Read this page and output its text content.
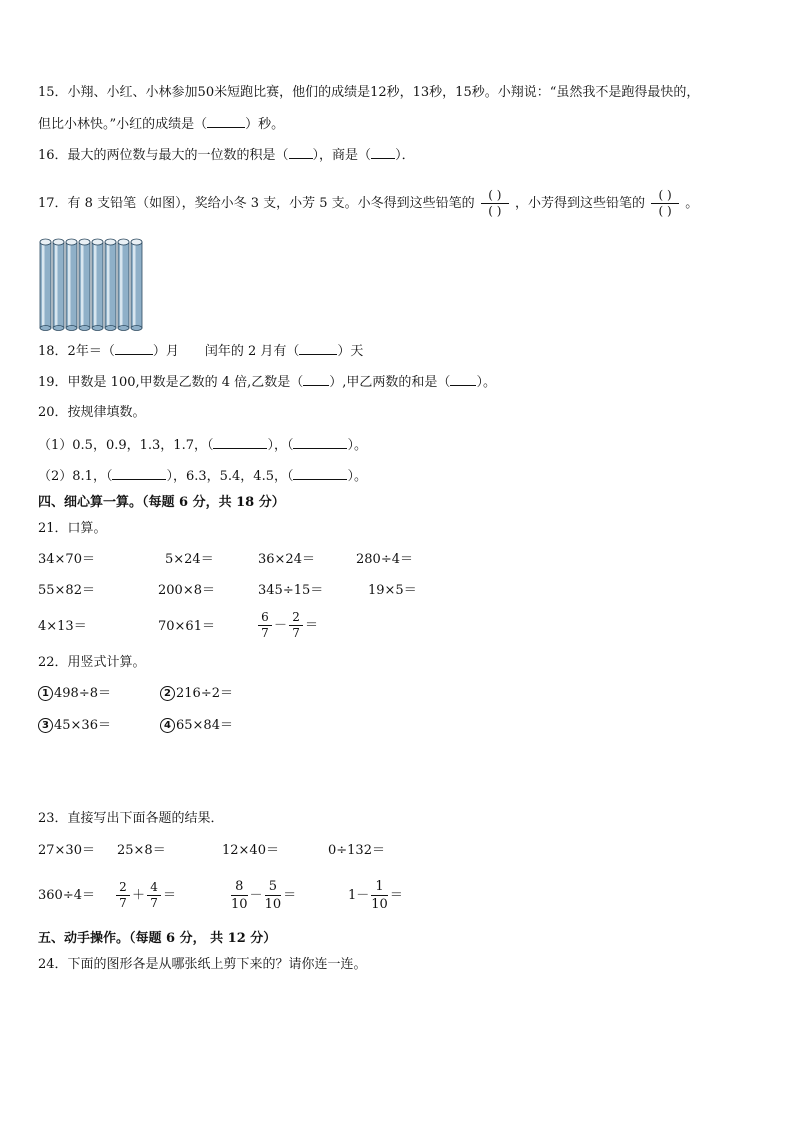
15．小翔、小红、小林参加50米短跑比赛，他们的成绩是12秒，13秒，15秒。小翔说：“虽然我不是跑得最快的，
但比小林快。”小红的成绩是（	）秒。
16．最大的两位数与最大的一位数的积是（ ），商是（ ）．
17．有 8 支铅笔（如图），奖给小冬 3 支，小芳 5 支。小冬得到这些铅笔的 $\frac{( )}{( )}$ ，小芳得到这些铅笔的 $\frac{( )}{( )}$ 。
18．2年＝（	）月 闰年的 2 月有（	）天
19．甲数是 100,甲数是乙数的 4 倍,乙数是（ ）,甲乙两数的和是（ ）。
20．按规律填数。
（1）0.5，0.9，1.3，1.7，（	），（	）。
（2）8.1，（	），6.3，5.4，4.5，（	）。
四、细心算一算。（每题 6 分，共 18 分）
21．口算。
34×70＝	5×24＝	36×24＝	280÷4＝
55×82＝	200×8＝	345÷15＝	19×5＝
4×13＝	70×61＝	$\frac{6}{7} - \frac{2}{7}$ ＝
22．用竖式计算。
1 498÷8＝	2 216÷2＝
3 45×36＝	4 65×84＝
23．直接写出下面各题的结果．
27×30＝ 25×8＝	12×40＝	0÷132＝
$360\div 4= \frac{2}{7} + \frac{4}{7}$ ＝	$\frac{8}{10} - \frac{5}{10}$ ＝	$1- \frac{1}{10}$ ＝
五、动手操作。（每题 6 分， 共 12 分）
24．下面的图形各是从哪张纸上剪下来的？请你连一连。
